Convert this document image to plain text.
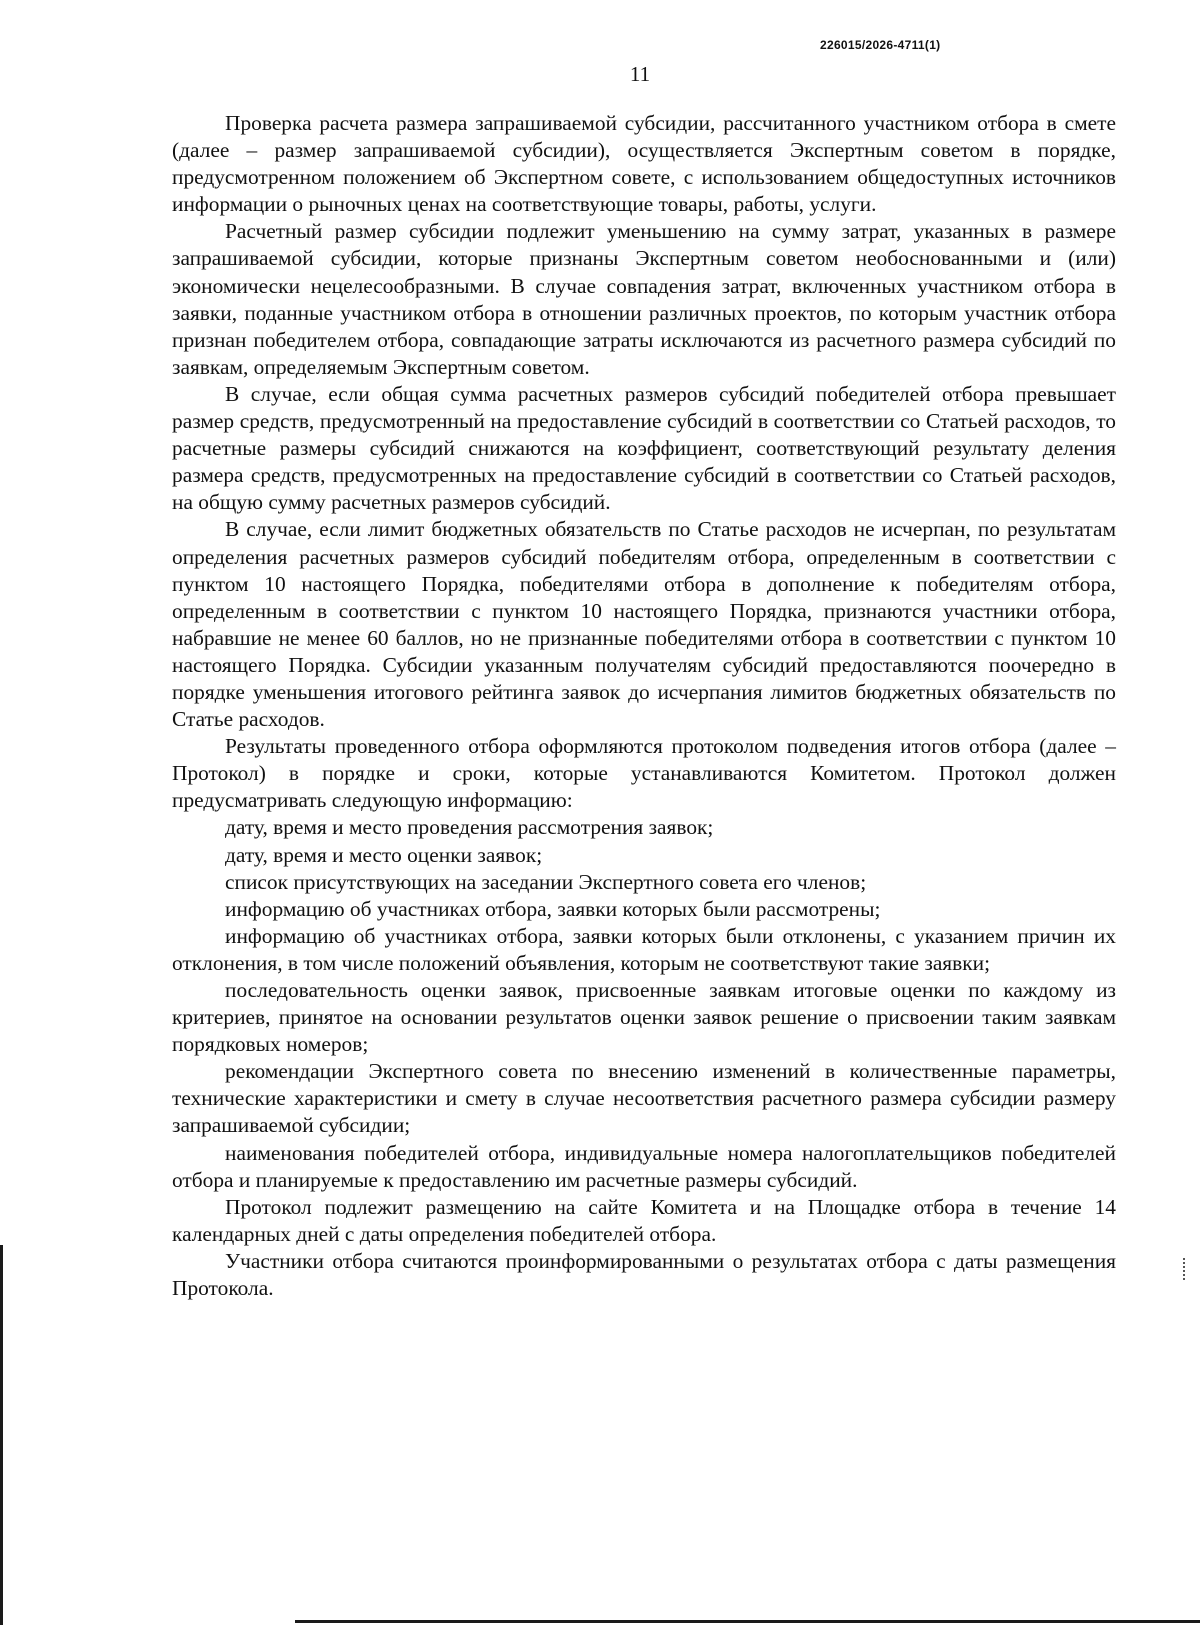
226015/2026-4711(1)
11

Проверка расчета размера запрашиваемой субсидии, рассчитанного участником отбора в смете (далее – размер запрашиваемой субсидии), осуществляется Экспертным советом в порядке, предусмотренном положением об Экспертном совете, с использованием общедоступных источников информации о рыночных ценах на соответствующие товары, работы, услуги.

Расчетный размер субсидии подлежит уменьшению на сумму затрат, указанных в размере запрашиваемой субсидии, которые признаны Экспертным советом необоснованными и (или) экономически нецелесообразными. В случае совпадения затрат, включенных участником отбора в заявки, поданные участником отбора в отношении различных проектов, по которым участник отбора признан победителем отбора, совпадающие затраты исключаются из расчетного размера субсидий по заявкам, определяемым Экспертным советом.

В случае, если общая сумма расчетных размеров субсидий победителей отбора превышает размер средств, предусмотренный на предоставление субсидий в соответствии со Статьей расходов, то расчетные размеры субсидий снижаются на коэффициент, соответствующий результату деления размера средств, предусмотренных на предоставление субсидий в соответствии со Статьей расходов, на общую сумму расчетных размеров субсидий.

В случае, если лимит бюджетных обязательств по Статье расходов не исчерпан, по результатам определения расчетных размеров субсидий победителям отбора, определенным в соответствии с пунктом 10 настоящего Порядка, победителями отбора в дополнение к победителям отбора, определенным в соответствии с пунктом 10 настоящего Порядка, признаются участники отбора, набравшие не менее 60 баллов, но не признанные победителями отбора в соответствии с пунктом 10 настоящего Порядка. Субсидии указанным получателям субсидий предоставляются поочередно в порядке уменьшения итогового рейтинга заявок до исчерпания лимитов бюджетных обязательств по Статье расходов.

Результаты проведенного отбора оформляются протоколом подведения итогов отбора (далее – Протокол) в порядке и сроки, которые устанавливаются Комитетом. Протокол должен предусматривать следующую информацию:

дату, время и место проведения рассмотрения заявок;

дату, время и место оценки заявок;

список присутствующих на заседании Экспертного совета его членов;

информацию об участниках отбора, заявки которых были рассмотрены;

информацию об участниках отбора, заявки которых были отклонены, с указанием причин их отклонения, в том числе положений объявления, которым не соответствуют такие заявки;

последовательность оценки заявок, присвоенные заявкам итоговые оценки по каждому из критериев, принятое на основании результатов оценки заявок решение о присвоении таким заявкам порядковых номеров;

рекомендации Экспертного совета по внесению изменений в количественные параметры, технические характеристики и смету в случае несоответствия расчетного размера субсидии размеру запрашиваемой субсидии;

наименования победителей отбора, индивидуальные номера налогоплательщиков победителей отбора и планируемые к предоставлению им расчетные размеры субсидий.

Протокол подлежит размещению на сайте Комитета и на Площадке отбора в течение 14 календарных дней с даты определения победителей отбора.

Участники отбора считаются проинформированными о результатах отбора с даты размещения Протокола.
